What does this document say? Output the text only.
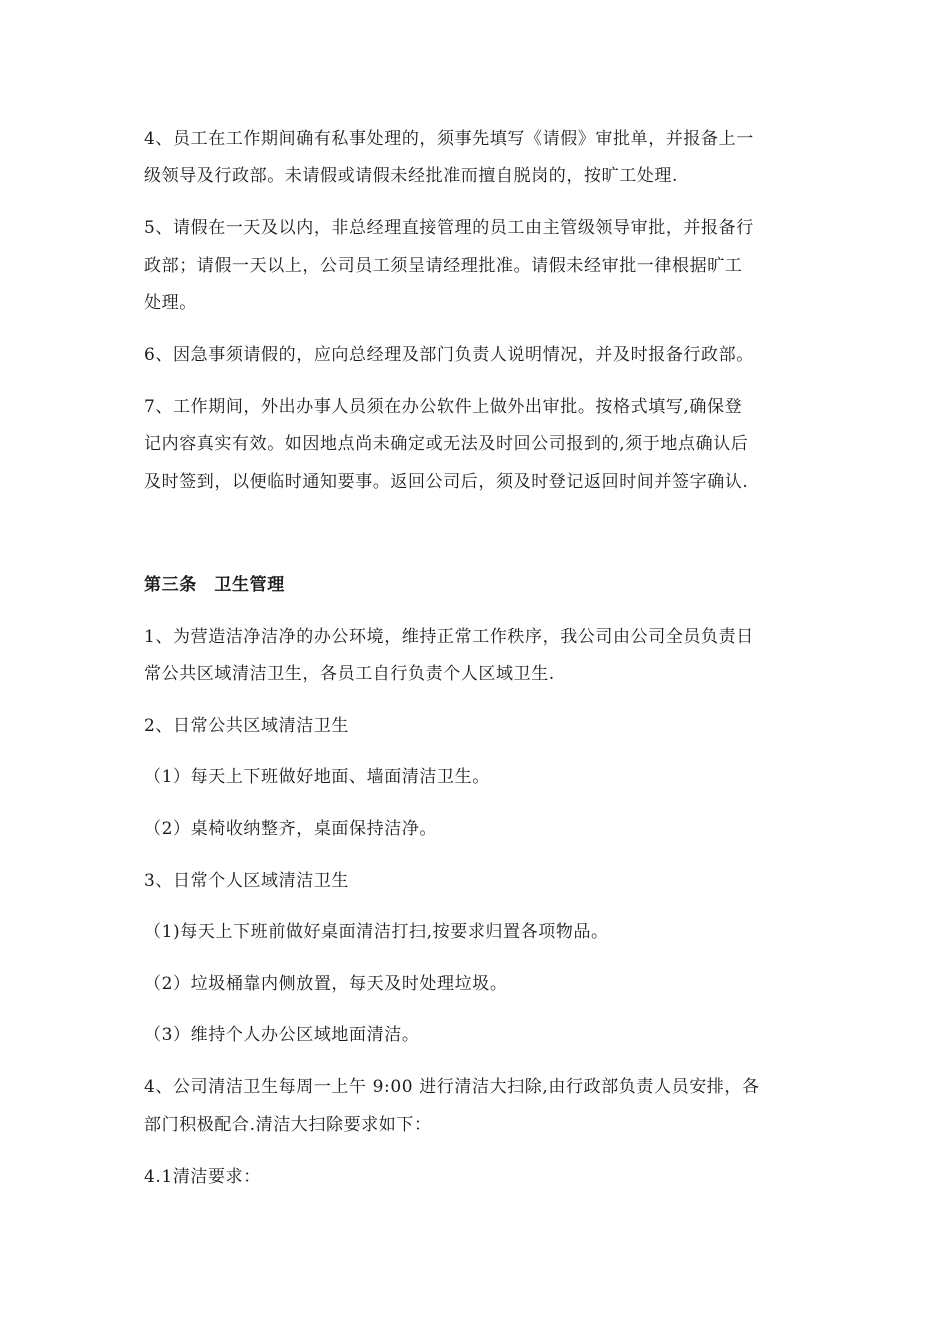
4、员工在工作期间确有私事处理的，须事先填写《请假》审批单，并报备上一
级领导及行政部。未请假或请假未经批准而擅自脱岗的，按旷工处理.
5、请假在一天及以内，非总经理直接管理的员工由主管级领导审批，并报备行
政部；请假一天以上，公司员工须呈请经理批准。请假未经审批一律根据旷工
处理。
6、因急事须请假的，应向总经理及部门负责人说明情况，并及时报备行政部。
7、工作期间，外出办事人员须在办公软件上做外出审批。按格式填写,确保登
记内容真实有效。如因地点尚未确定或无法及时回公司报到的,须于地点确认后
及时签到，以便临时通知要事。返回公司后，须及时登记返回时间并签字确认.
第三条　卫生管理
1、为营造洁净洁净的办公环境，维持正常工作秩序，我公司由公司全员负责日
常公共区域清洁卫生，各员工自行负责个人区域卫生.
2、日常公共区域清洁卫生
（1）每天上下班做好地面、墙面清洁卫生。
（2）桌椅收纳整齐，桌面保持洁净。
3、日常个人区域清洁卫生
（1)每天上下班前做好桌面清洁打扫,按要求归置各项物品。
（2）垃圾桶靠内侧放置，每天及时处理垃圾。
（3）维持个人办公区域地面清洁。
4、公司清洁卫生每周一上午 9:00 进行清洁大扫除,由行政部负责人员安排，各
部门积极配合.清洁大扫除要求如下：
4.1清洁要求：
